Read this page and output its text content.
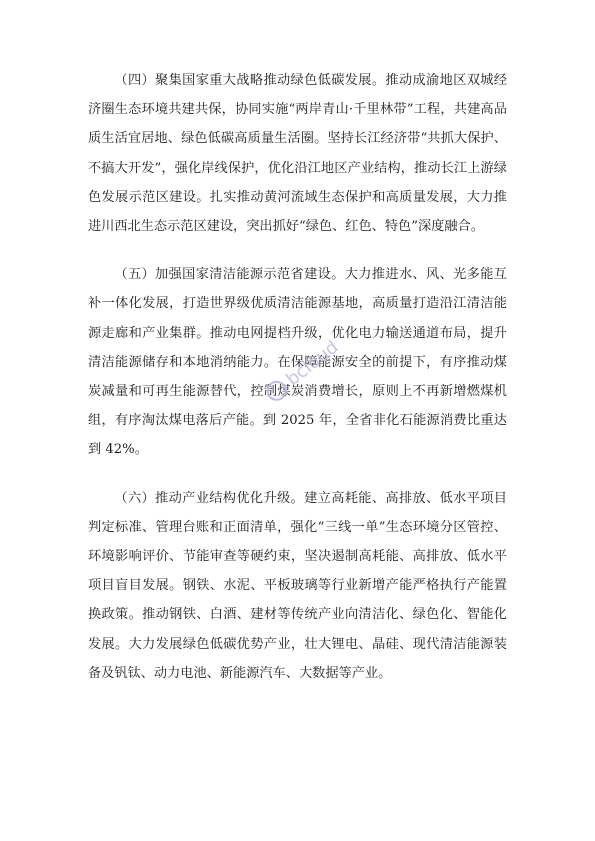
（四）聚集国家重大战略推动绿色低碳发展。推动成渝地区双城经济圈生态环境共建共保，协同实施“两岸青山·千里林带”工程，共建高品质生活宜居地、绿色低碳高质量生活圈。坚持长江经济带“共抓大保护、不搞大开发”，强化岸线保护，优化沿江地区产业结构，推动长江上游绿色发展示范区建设。扎实推动黄河流域生态保护和高质量发展，大力推进川西北生态示范区建设，突出抓好“绿色、红色、特色”深度融合。

（五）加强国家清洁能源示范省建设。大力推进水、风、光多能互补一体化发展，打造世界级优质清洁能源基地，高质量打造沿江清洁能源走廊和产业集群。推动电网提档升级，优化电力输送通道布局，提升清洁能源储存和本地消纳能力。在保障能源安全的前提下，有序推动煤炭减量和可再生能源替代，控制煤炭消费增长，原则上不再新增燃煤机组，有序淘汰煤电落后产能。到 2025 年，全省非化石能源消费比重达到 42%。

（六）推动产业结构优化升级。建立高耗能、高排放、低水平项目判定标准、管理台账和正面清单，强化“三线一单”生态环境分区管控、环境影响评价、节能审查等硬约束，坚决遏制高耗能、高排放、低水平项目盲目发展。钢铁、水泥、平板玻璃等行业新增产能严格执行产能置换政策。推动钢铁、白酒、建材等传统产业向清洁化、绿色化、智能化发展。大力发展绿色低碳优势产业，壮大锂电、晶硅、现代清洁能源装备及钒钛、动力电池、新能源汽车、大数据等产业。

bcloud
